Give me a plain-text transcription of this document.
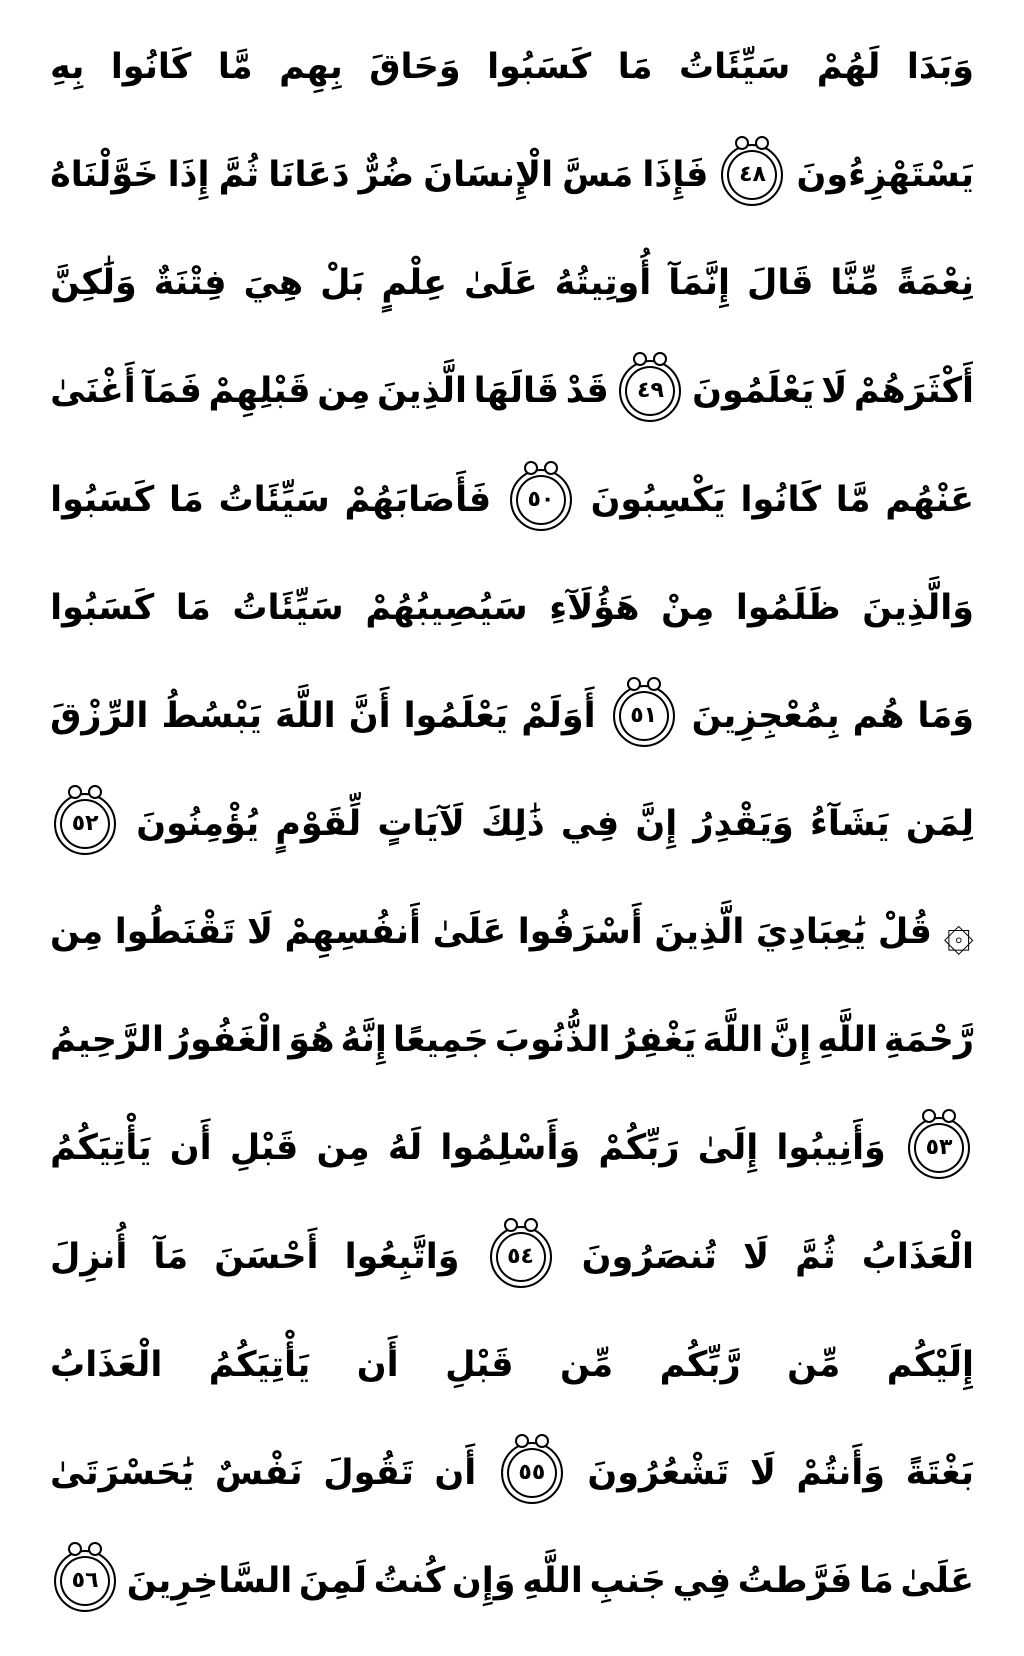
وَبَدَا
لَهُمْ
سَيِّئَاتُ
مَا
كَسَبُوا
وَحَاقَ
بِهِم
مَّا
كَانُوا
بِهِ
يَسْتَهْزِءُونَ
٤٨
فَإِذَا
مَسَّ
الْإِنسَانَ
ضُرٌّ
دَعَانَا
ثُمَّ
إِذَا
خَوَّلْنَاهُ
نِعْمَةً
مِّنَّا
قَالَ
إِنَّمَآ
أُوتِيتُهُ
عَلَىٰ
عِلْمٍ
بَلْ
هِيَ
فِتْنَةٌ
وَلَٰكِنَّ
أَكْثَرَهُمْ
لَا
يَعْلَمُونَ
٤٩
قَدْ
قَالَهَا
الَّذِينَ
مِن
قَبْلِهِمْ
فَمَآ
أَغْنَىٰ
عَنْهُم
مَّا
كَانُوا
يَكْسِبُونَ
٥٠
فَأَصَابَهُمْ
سَيِّئَاتُ
مَا
كَسَبُوا
وَالَّذِينَ
ظَلَمُوا
مِنْ
هَؤُلَآءِ
سَيُصِيبُهُمْ
سَيِّئَاتُ
مَا
كَسَبُوا
وَمَا
هُم
بِمُعْجِزِينَ
٥١
أَوَلَمْ
يَعْلَمُوا
أَنَّ
اللَّهَ
يَبْسُطُ
الرِّزْقَ
لِمَن
يَشَآءُ
وَيَقْدِرُ
إِنَّ
فِي
ذَٰلِكَ
لَآيَاتٍ
لِّقَوْمٍ
يُؤْمِنُونَ
٥٢
۞
قُلْ
يَٰعِبَادِيَ
الَّذِينَ
أَسْرَفُوا
عَلَىٰ
أَنفُسِهِمْ
لَا
تَقْنَطُوا
مِن
رَّحْمَةِ
اللَّهِ
إِنَّ
اللَّهَ
يَغْفِرُ
الذُّنُوبَ
جَمِيعًا
إِنَّهُ
هُوَ
الْغَفُورُ
الرَّحِيمُ
٥٣
وَأَنِيبُوا
إِلَىٰ
رَبِّكُمْ
وَأَسْلِمُوا
لَهُ
مِن
قَبْلِ
أَن
يَأْتِيَكُمُ
الْعَذَابُ
ثُمَّ
لَا
تُنصَرُونَ
٥٤
وَاتَّبِعُوا
أَحْسَنَ
مَآ
أُنزِلَ
إِلَيْكُم
مِّن
رَّبِّكُم
مِّن
قَبْلِ
أَن
يَأْتِيَكُمُ
الْعَذَابُ
بَغْتَةً
وَأَنتُمْ
لَا
تَشْعُرُونَ
٥٥
أَن
تَقُولَ
نَفْسٌ
يَٰحَسْرَتَىٰ
عَلَىٰ
مَا
فَرَّطتُ
فِي
جَنبِ
اللَّهِ
وَإِن
كُنتُ
لَمِنَ
السَّاخِرِينَ
٥٦
